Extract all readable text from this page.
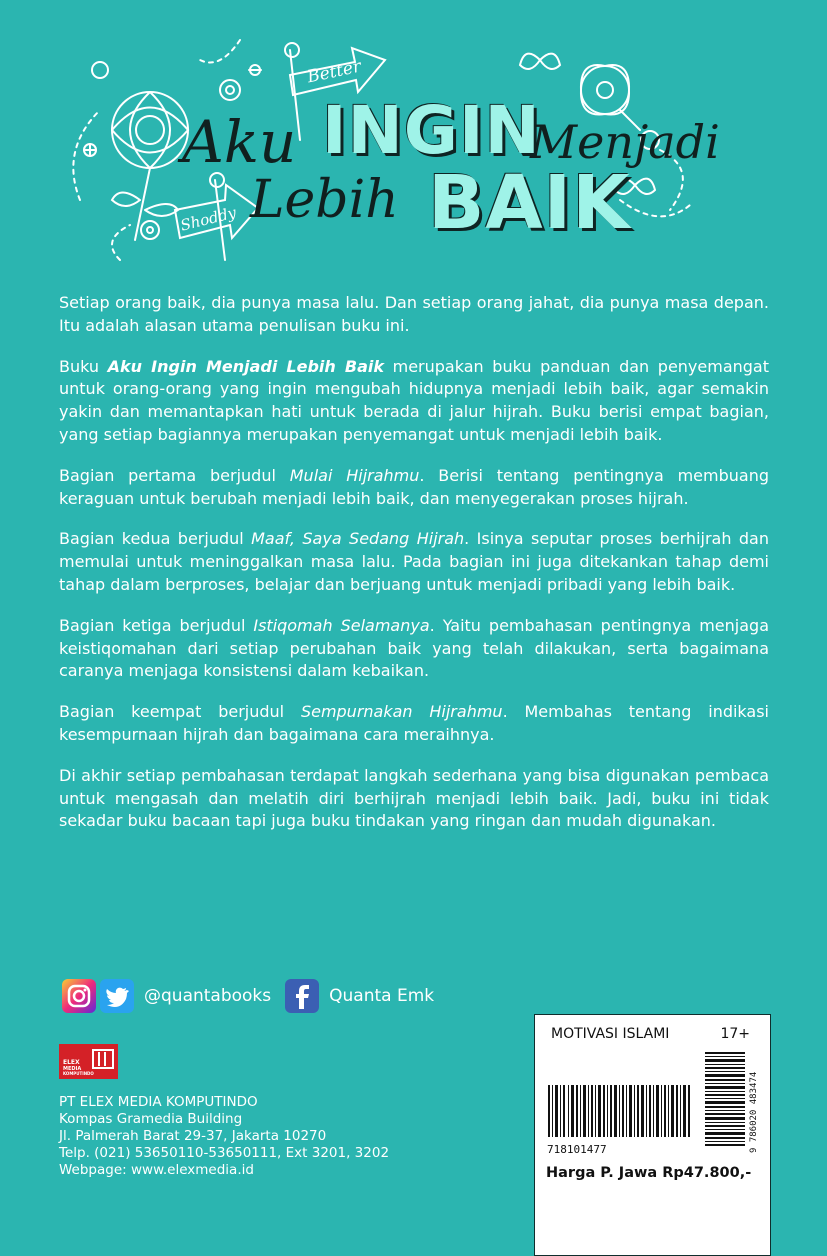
Better
Shoddy
Aku INGIN
Menjadi
Lebih BAIK

Setiap orang baik, dia punya masa lalu. Dan setiap orang jahat, dia punya masa depan. Itu adalah alasan utama penulisan buku ini.

Buku Aku Ingin Menjadi Lebih Baik merupakan buku panduan dan penyemangat untuk orang-orang yang ingin mengubah hidupnya menjadi lebih baik, agar semakin yakin dan memantapkan hati untuk berada di jalur hijrah. Buku berisi empat bagian, yang setiap bagiannya merupakan penyemangat untuk menjadi lebih baik.

Bagian pertama berjudul Mulai Hijrahmu. Berisi tentang pentingnya membuang keraguan untuk berubah menjadi lebih baik, dan menyegerakan proses hijrah.

Bagian kedua berjudul Maaf, Saya Sedang Hijrah. Isinya seputar proses berhijrah dan memulai untuk meninggalkan masa lalu. Pada bagian ini juga ditekankan tahap demi tahap dalam berproses, belajar dan berjuang untuk menjadi pribadi yang lebih baik.

Bagian ketiga berjudul Istiqomah Selamanya. Yaitu pembahasan pentingnya menjaga keistiqomahan dari setiap perubahan baik yang telah dilakukan, serta bagaimana caranya menjaga konsistensi dalam kebaikan.

Bagian keempat berjudul Sempurnakan Hijrahmu. Membahas tentang indikasi kesempurnaan hijrah dan bagaimana cara meraihnya.

Di akhir setiap pembahasan terdapat langkah sederhana yang bisa digunakan pembaca untuk mengasah dan melatih diri berhijrah menjadi lebih baik. Jadi, buku ini tidak sekadar buku bacaan tapi juga buku tindakan yang ringan dan mudah digunakan.

@quantabooks	Quanta Emk
ELEX
MEDIA
KOMPUTINDO
PT ELEX MEDIA KOMPUTINDO
Kompas Gramedia Building
Jl. Palmerah Barat 29-37, Jakarta 10270
Telp. (021) 53650110-53650111, Ext 3201, 3202
Webpage: www.elexmedia.id
MOTIVASI ISLAMI	17+
718101477	9 786020 483474
Harga P. Jawa Rp47.800,-
